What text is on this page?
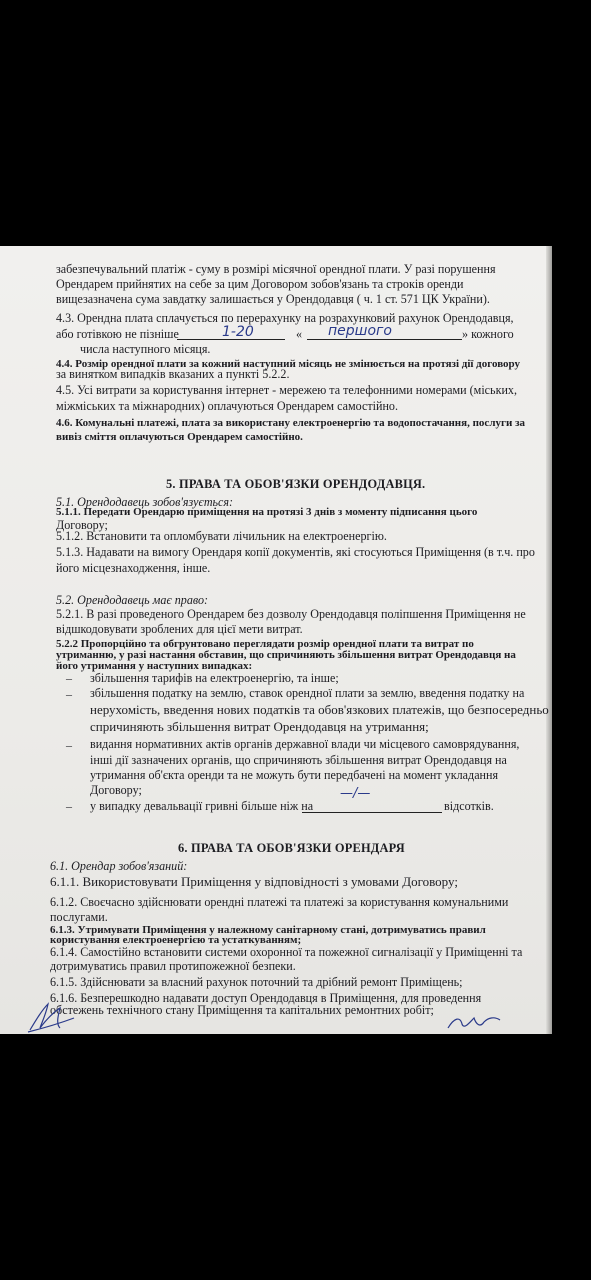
забезпечувальний платіж - суму в розмірі місячної орендної плати. У разі порушення
Орендарем прийнятих на себе за цим Договором зобов'язань та строків оренди
вищезазначена сума завдатку залишається у Орендодавця ( ч. 1 ст. 571 ЦК України).
4.3. Орендна плата сплачується по перерахунку на розрахунковий рахунок Орендодавця,
або готівкою не пізніше	1-20	« першого	» кожного
числа наступного місяця.
4.4. Розмір орендної плати за кожний наступний місяць не змінюється на протязі дії договору
за винятком випадків вказаних а пункті 5.2.2.
4.5. Усі витрати за користування інтернет - мережею та телефонними номерами (міських,
міжміських та міжнародних) оплачуються Орендарем самостійно.
4.6. Комунальні платежі, плата за використану електроенергію та водопостачання, послуги за
вивіз сміття оплачуються Орендарем самостійно.
5. ПРАВА ТА ОБОВ'ЯЗКИ ОРЕНДОДАВЦЯ.
5.1. Орендодавець зобов'язується:
5.1.1. Передати Орендарю приміщення на протязі 3 днів з моменту підписання цього
Договору;
5.1.2. Встановити та опломбувати лічильник на електроенергію.
5.1.3. Надавати на вимогу Орендаря копії документів, які стосуються Приміщення (в т.ч. про
його місцезнаходження, інше.
5.2. Орендодавець має право:
5.2.1. В разі проведеного Орендарем без дозволу Орендодавця поліпшення Приміщення не
відшкодовувати зроблених для цієї мети витрат.
5.2.2 Пропорційно та обгрунтовано переглядати розмір орендної плати та витрат по
утриманню, у разі настання обставин, що спричиняють збільшення витрат Орендодавця на
його утримання у наступних випадках:
– збільшення тарифів на електроенергію, та інше;
– збільшення податку на землю, ставок орендної плати за землю, введення податку на
нерухомість, введення нових податків та обов'язкових платежів, що безпосередньо
спричиняють збільшення витрат Орендодавця на утримання;
– видання нормативних актів органів державної влади чи місцевого самоврядування,
інші дії зазначених органів, що спричиняють збільшення витрат Орендодавця на
утримання об'єкта оренди та не можуть бути передбачені на момент укладання
Договору;
– у випадку девальвації гривні більше ніж на
—/—
відсотків.
6. ПРАВА ТА ОБОВ'ЯЗКИ ОРЕНДАРЯ
6.1. Орендар зобов'язаний:
6.1.1. Використовувати Приміщення у відповідності з умовами Договору;
6.1.2. Своєчасно здійснювати орендні платежі та платежі за користування комунальними
послугами.
6.1.3. Утримувати Приміщення у належному санітарному стані, дотримуватись правил
користування електроенергією та устаткуванням;
6.1.4. Самостійно встановити системи охоронної та пожежної сигналізації у Приміщенні та
дотримуватись правил протипожежної безпеки.
6.1.5. Здійснювати за власний рахунок поточний та дрібний ремонт Приміщень;
6.1.6. Безперешкодно надавати доступ Орендодавця в Приміщення, для проведення
обстежень технічного стану Приміщення та капітальних ремонтних робіт;
